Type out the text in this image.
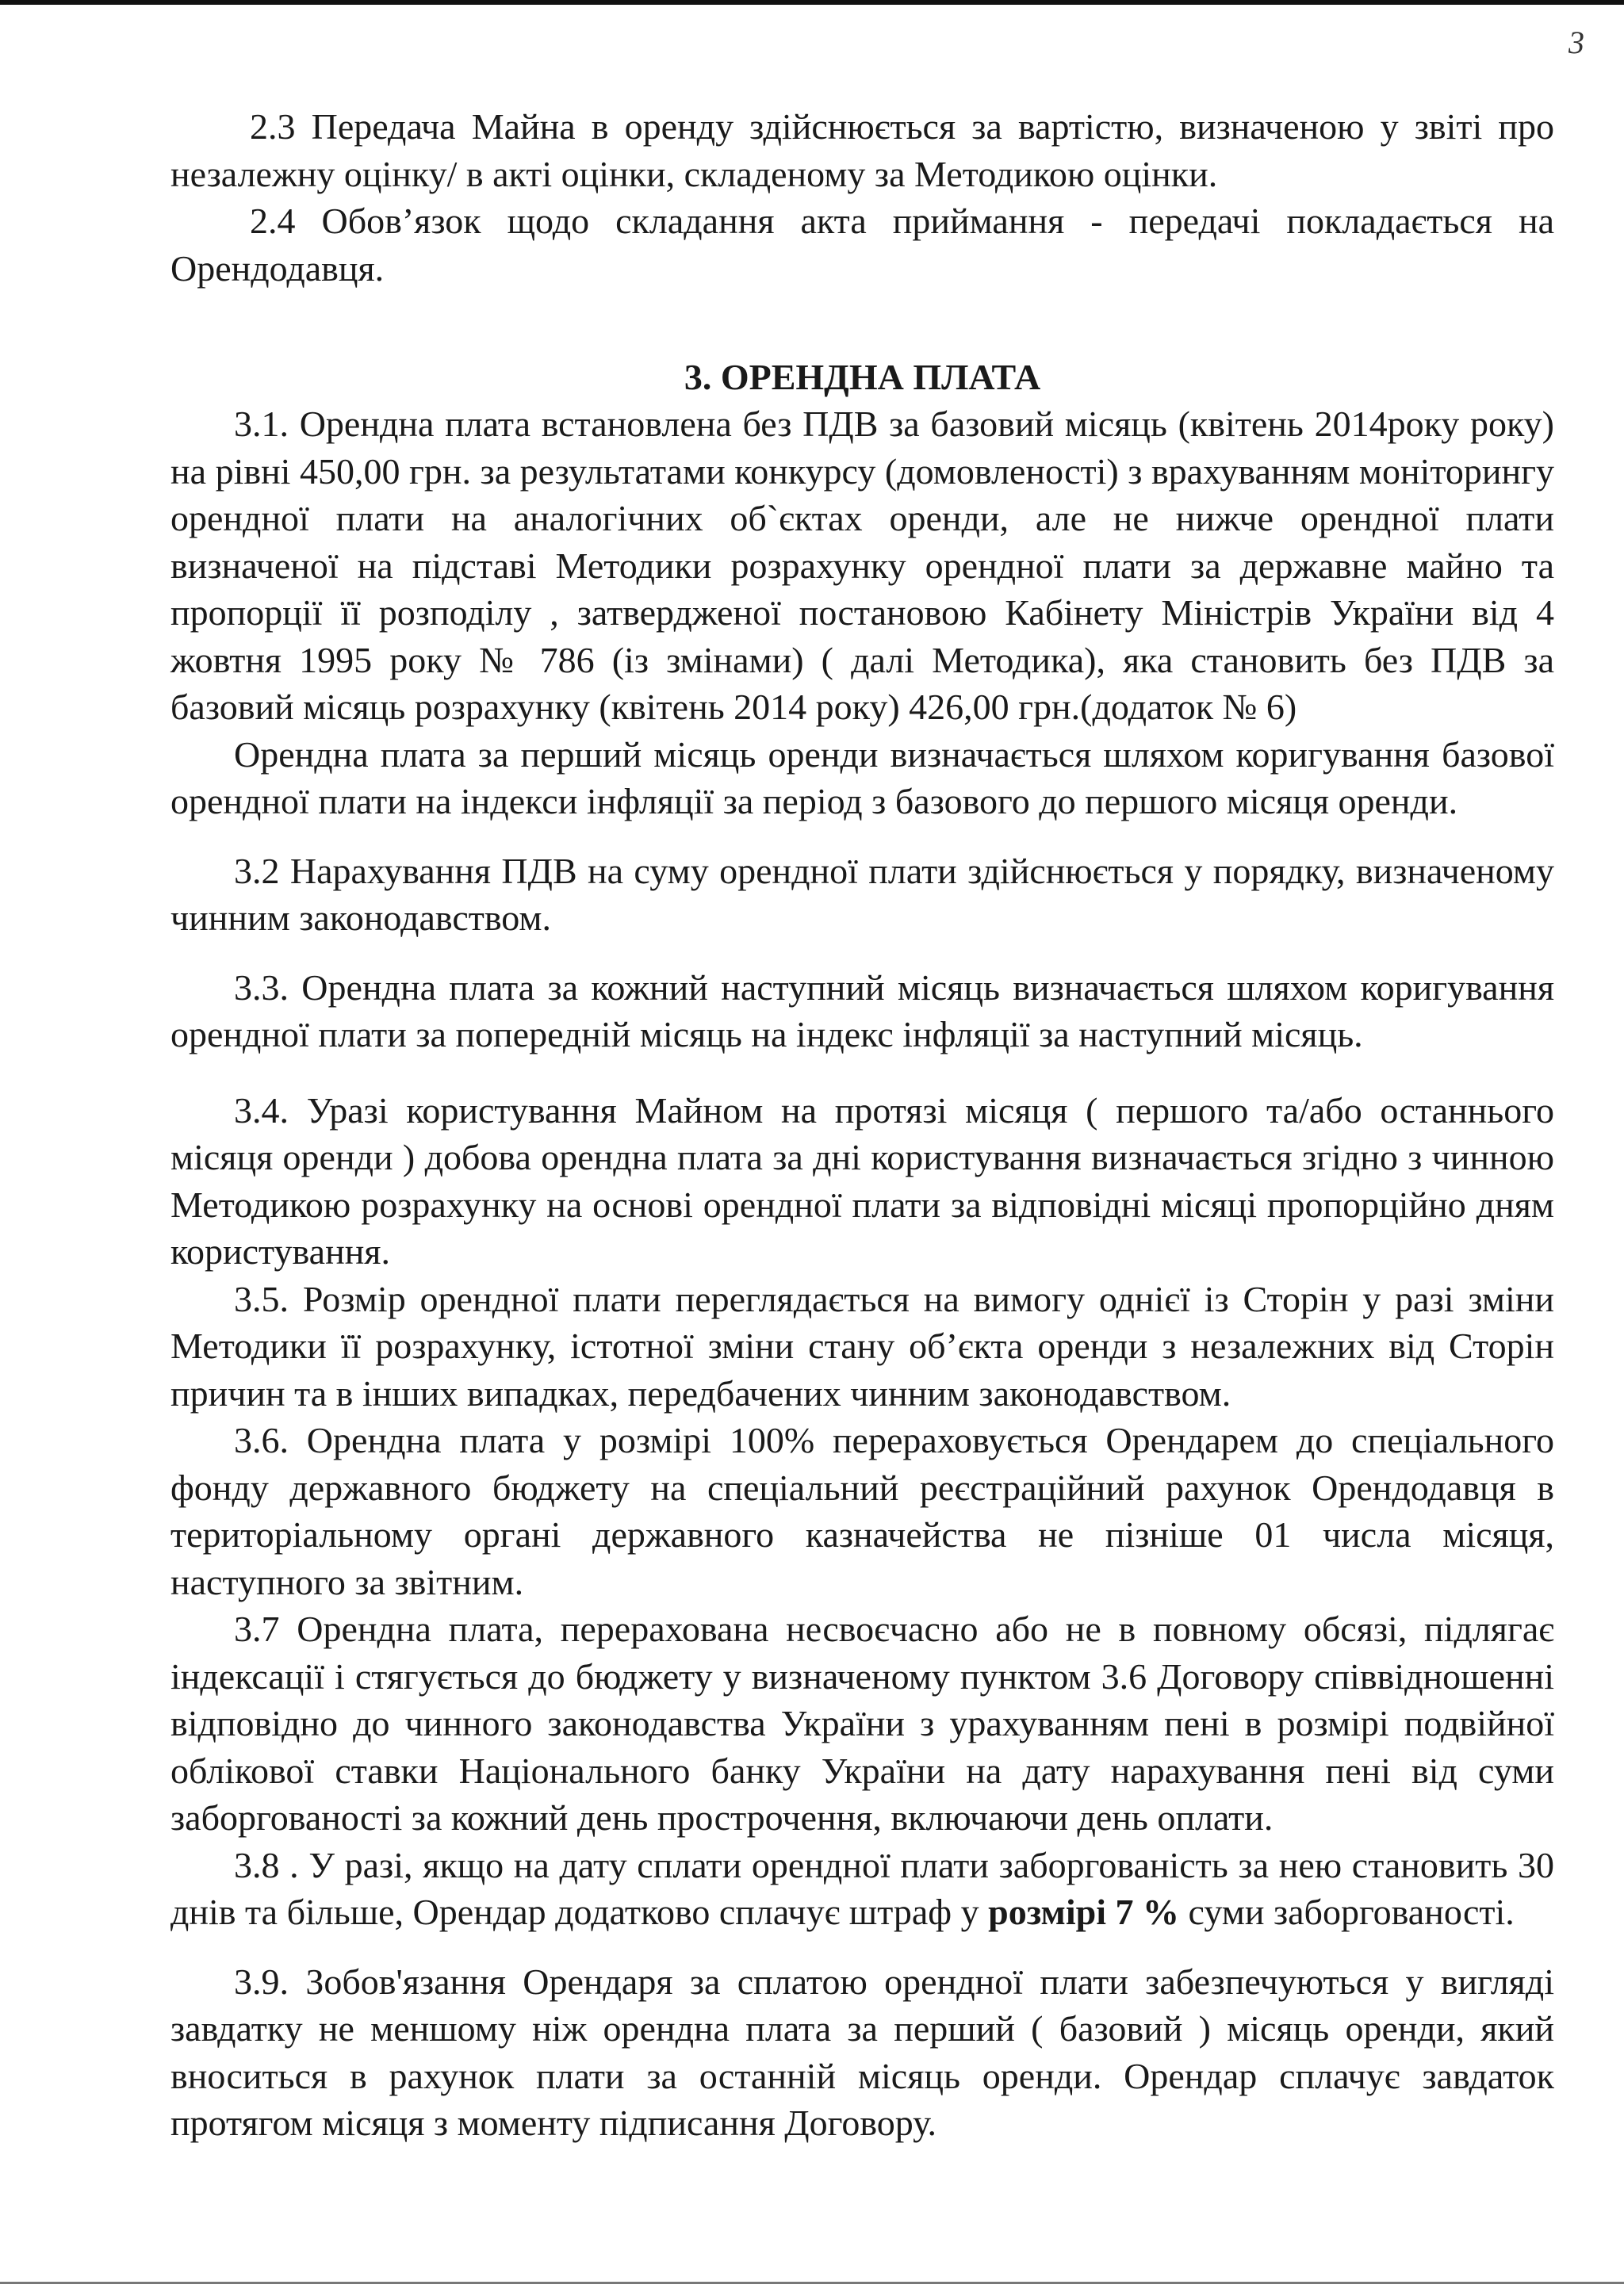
3

2.3 Передача Майна в оренду здійснюється за вартістю, визначеною у звіті про незалежну оцінку/ в акті оцінки, складеному за Методикою оцінки.

2.4 Обов’язок щодо складання акта приймання - передачі покладається на Орендодавця.

3. ОРЕНДНА ПЛАТА

3.1. Орендна плата встановлена без ПДВ за базовий місяць (квітень 2014року року) на рівні 450,00 грн. за результатами конкурсу (домовленості) з врахуванням моніторингу орендної плати на аналогічних об`єктах оренди, але не нижче орендної плати визначеної на підставі Методики розрахунку орендної плати за державне майно та пропорції її розподілу , затвердженої постановою Кабінету Міністрів України від 4 жовтня 1995 року № 786 (із змінами) ( далі Методика), яка становить без ПДВ за базовий місяць розрахунку (квітень 2014 року) 426,00 грн.(додаток № 6)

Орендна плата за перший місяць оренди визначається шляхом коригування базової орендної плати на індекси інфляції за період з базового до першого місяця оренди.

3.2 Нарахування ПДВ на суму орендної плати здійснюється у порядку, визначеному чинним законодавством.

3.3. Орендна плата за кожний наступний місяць визначається шляхом коригування орендної плати за попередній місяць на індекс інфляції за наступний місяць.

3.4. Уразі користування Майном на протязі місяця ( першого та/або останнього місяця оренди ) добова орендна плата за дні користування визначається згідно з чинною Методикою розрахунку на основі орендної плати за відповідні місяці пропорційно дням користування.

3.5. Розмір орендної плати переглядається на вимогу однієї із Сторін у разі зміни Методики її розрахунку, істотної зміни стану об’єкта оренди з незалежних від Сторін причин та в інших випадках, передбачених чинним законодавством.

3.6. Орендна плата у розмірі 100% перераховується Орендарем до спеціального фонду державного бюджету на спеціальний реєстраційний рахунок Орендодавця в територіальному органі державного казначейства не пізніше 01 числа місяця, наступного за звітним.

3.7 Орендна плата, перерахована несвоєчасно або не в повному обсязі, підлягає індексації і стягується до бюджету у визначеному пунктом 3.6 Договору співвідношенні відповідно до чинного законодавства України з урахуванням пені в розмірі подвійної облікової ставки Національного банку України на дату нарахування пені від суми заборгованості за кожний день прострочення, включаючи день оплати.

3.8 . У разі, якщо на дату сплати орендної плати заборгованість за нею становить 30 днів та більше, Орендар додатково сплачує штраф у розмірі 7 % суми заборгованості.

3.9. Зобов'язання Орендаря за сплатою орендної плати забезпечуються у вигляді завдатку не меншому ніж орендна плата за перший ( базовий ) місяць оренди, який вноситься в рахунок плати за останній місяць оренди. Орендар сплачує завдаток протягом місяця з моменту підписання Договору.
